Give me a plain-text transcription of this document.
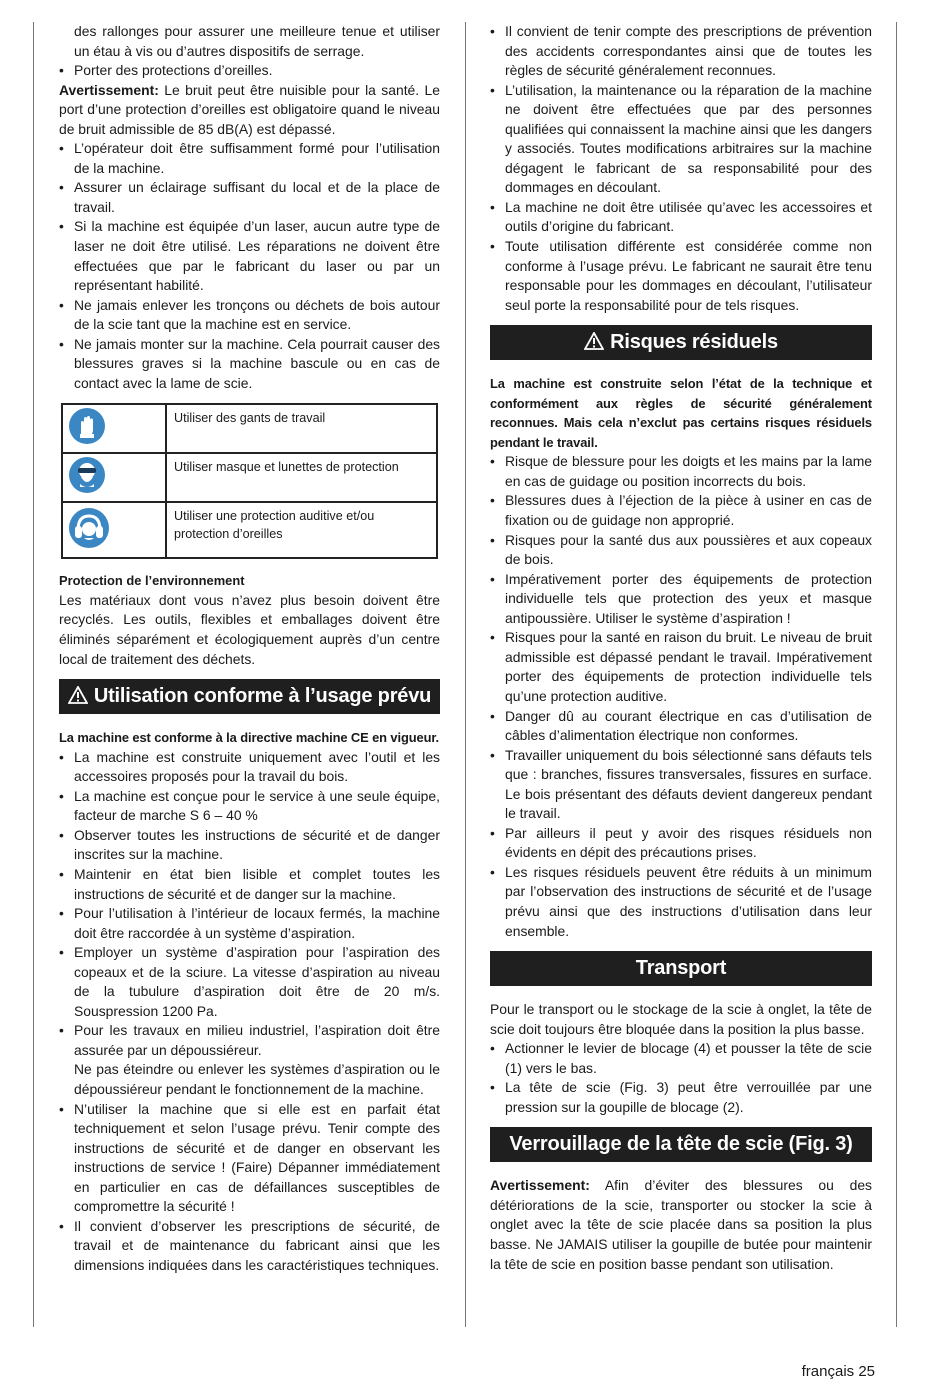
des rallonges pour assurer une meilleure tenue et utiliser un étau à vis ou d’autres dispositifs de serrage.

• Porter des protections d’oreilles.

Avertissement: Le bruit peut être nuisible pour la santé. Le port d’une protection d’oreilles est obligatoire quand le niveau de bruit admissible de 85 dB(A) est dépassé.

• L’opérateur doit être suffisamment formé pour l’utilisation de la machine.
• Assurer un éclairage suffisant du local et de la place de travail.
• Si la machine est équipée d’un laser, aucun autre type de laser ne doit être utilisé. Les réparations ne doivent être effectuées que par le fabricant du laser ou par un représentant habilité.
• Ne jamais enlever les tronçons ou déchets de bois autour de la scie tant que la machine est en service.
• Ne jamais monter sur la machine. Cela pourrait causer des blessures graves si la machine bascule ou en cas de contact avec la lame de scie.
	Utiliser des gants de travail
	Utiliser masque et lunettes de protection
	Utiliser une protection auditive et/ou protection d’oreilles

Protection de l’environnement

Les matériaux dont vous n’avez plus besoin doivent être recyclés. Les outils, flexibles et emballages doivent être éliminés séparément et écologiquement auprès d’un centre local de traitement des déchets.

Utilisation conforme à l’usage prévu

La machine est conforme à la directive machine CE en vigueur.

• La machine est construite uniquement avec l’outil et les accessoires proposés pour la travail du bois.
• La machine est conçue pour le service à une seule équipe, facteur de marche S 6 – 40 %
• Observer toutes les instructions de sécurité et de danger inscrites sur la machine.
• Maintenir en état bien lisible et complet toutes les instructions de sécurité et de danger sur la machine.
• Pour l’utilisation à l’intérieur de locaux fermés, la machine doit être raccordée à un système d’aspiration.
• Employer un système d’aspiration pour l’aspiration des copeaux et de la sciure. La vitesse d’aspiration au niveau de la tubulure d’aspiration doit être de 20 m/s. Souspression 1200 Pa.
• Pour les travaux en milieu industriel, l’aspiration doit être assurée par un dépoussiéreur.

Ne pas éteindre ou enlever les systèmes d’aspiration ou le dépoussiéreur pendant le fonctionnement de la machine.

• N’utiliser la machine que si elle est en parfait état techniquement et selon l’usage prévu. Tenir compte des instructions de sécurité et de danger en observant les instructions de service ! (Faire) Dépanner immédiatement en particulier en cas de défaillances susceptibles de compromettre la sécurité !
• Il convient d’observer les prescriptions de sécurité, de travail et de maintenance du fabricant ainsi que les dimensions indiquées dans les caractéristiques techniques.
• Il convient de tenir compte des prescriptions de prévention des accidents correspondantes ainsi que de toutes les règles de sécurité généralement reconnues.
• L’utilisation, la maintenance ou la réparation de la machine ne doivent être effectuées que par des personnes qualifiées qui connaissent la machine ainsi que les dangers y associés. Toutes modifications arbitraires sur la machine dégagent le fabricant de sa responsabilité pour des dommages en découlant.
• La machine ne doit être utilisée qu’avec les accessoires et outils d’origine du fabricant.
• Toute utilisation différente est considérée comme non conforme à l’usage prévu. Le fabricant ne saurait être tenu responsable pour les dommages en découlant, l’utilisateur seul porte la responsabilité pour de tels risques.
Risques résiduels

La machine est construite selon l’état de la technique et conformément aux règles de sécurité généralement reconnues. Mais cela n’exclut pas certains risques résiduels pendant le travail.

• Risque de blessure pour les doigts et les mains par la lame en cas de guidage ou position incorrects du bois.
• Blessures dues à l’éjection de la pièce à usiner en cas de fixation ou de guidage non approprié.
• Risques pour la santé dus aux poussières et aux copeaux de bois.
• Impérativement porter des équipements de protection individuelle tels que protection des yeux et masque antipoussière. Utiliser le système d’aspiration !
• Risques pour la santé en raison du bruit. Le niveau de bruit admissible est dépassé pendant le travail. Impérativement porter des équipements de protection individuelle tels qu’une protection auditive.
• Danger dû au courant électrique en cas d’utilisation de câbles d’alimentation électrique non conformes.
• Travailler uniquement du bois sélectionné sans défauts tels que : branches, fissures transversales, fissures en surface. Le bois présentant des défauts devient dangereux pendant le travail.
• Par ailleurs il peut y avoir des risques résiduels non évidents en dépit des précautions prises.
• Les risques résiduels peuvent être réduits à un minimum par l’observation des instructions de sécurité et de l’usage prévu ainsi que des instructions d’utilisation dans leur ensemble.
Transport

Pour le transport ou le stockage de la scie à onglet, la tête de scie doit toujours être bloquée dans la position la plus basse.

• Actionner le levier de blocage (4) et pousser la tête de scie (1) vers le bas.
• La tête de scie (Fig. 3) peut être verrouillée par une pression sur la goupille de blocage (2).
Verrouillage de la tête de scie (Fig. 3)

Avertissement: Afin d’éviter des blessures ou des détériorations de la scie, transporter ou stocker la scie à onglet avec la tête de scie placée dans sa position la plus basse. Ne JAMAIS utiliser la goupille de butée pour maintenir la tête de scie en position basse pendant son utilisation.

français 25
